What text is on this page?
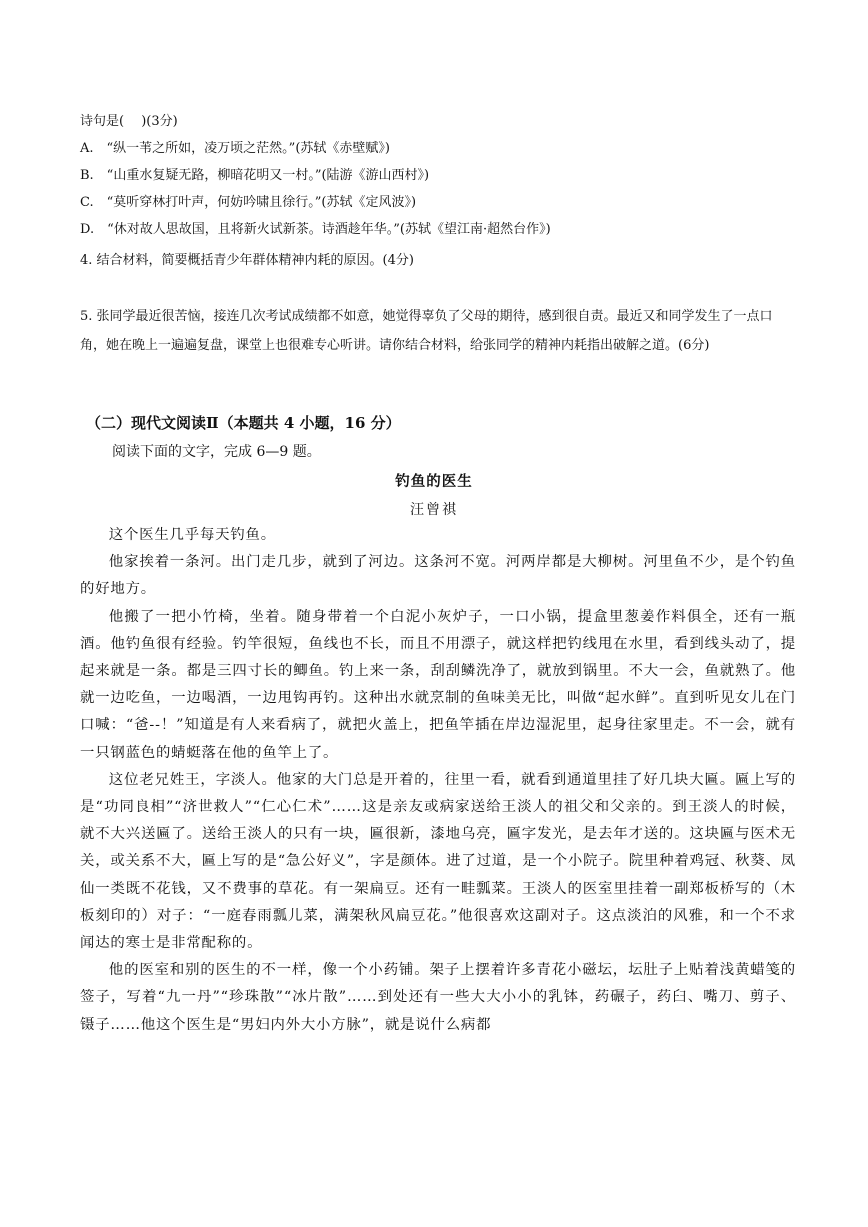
诗句是(　 )(3分)
A.　“纵一苇之所如，凌万顷之茫然。”(苏轼《赤壁赋》)
B.　“山重水复疑无路，柳暗花明又一村。”(陆游《游山西村》)
C.　“莫听穿林打叶声，何妨吟啸且徐行。”(苏轼《定风波》)
D.　“休对故人思故国，且将新火试新茶。诗酒趁年华。”(苏轼《望江南·超然台作》)
4. 结合材料，简要概括青少年群体精神内耗的原因。(4分)
5. 张同学最近很苦恼，接连几次考试成绩都不如意，她觉得辜负了父母的期待，感到很自责。最近又和同学发生了一点口角，她在晚上一遍遍复盘，课堂上也很难专心听讲。请你结合材料，给张同学的精神内耗指出破解之道。(6分)
（二）现代文阅读Ⅱ（本题共 4 小题，16 分）
阅读下面的文字，完成 6—9 题。
钓鱼的医生
汪曾祺

这个医生几乎每天钓鱼。

他家挨着一条河。出门走几步，就到了河边。这条河不宽。河两岸都是大柳树。河里鱼不少，是个钓鱼的好地方。

他搬了一把小竹椅，坐着。随身带着一个白泥小灰炉子，一口小锅，提盒里葱姜作料俱全，还有一瓶酒。他钓鱼很有经验。钓竿很短，鱼线也不长，而且不用漂子，就这样把钓线甩在水里，看到线头动了，提起来就是一条。都是三四寸长的鲫鱼。钓上来一条，刮刮鳞洗净了，就放到锅里。不大一会，鱼就熟了。他就一边吃鱼，一边喝酒，一边甩钩再钓。这种出水就烹制的鱼味美无比，叫做“起水鲜”。直到听见女儿在门口喊：“爸--！”知道是有人来看病了，就把火盖上，把鱼竿插在岸边湿泥里，起身往家里走。不一会，就有一只钢蓝色的蜻蜓落在他的鱼竿上了。

这位老兄姓王，字淡人。他家的大门总是开着的，往里一看，就看到通道里挂了好几块大匾。匾上写的是“功同良相”“济世救人”“仁心仁术”……这是亲友或病家送给王淡人的祖父和父亲的。到王淡人的时候，就不大兴送匾了。送给王淡人的只有一块，匾很新，漆地乌亮，匾字发光，是去年才送的。这块匾与医术无关，或关系不大，匾上写的是“急公好义”，字是颜体。进了过道，是一个小院子。院里种着鸡冠、秋葵、凤仙一类既不花钱，又不费事的草花。有一架扁豆。还有一畦瓢菜。王淡人的医室里挂着一副郑板桥写的（木板刻印的）对子：“一庭春雨瓢儿菜，满架秋风扁豆花。”他很喜欢这副对子。这点淡泊的风雅，和一个不求闻达的寒士是非常配称的。

他的医室和别的医生的不一样，像一个小药铺。架子上摆着许多青花小磁坛，坛肚子上贴着浅黄蜡笺的签子，写着“九一丹”“珍珠散”“冰片散”……到处还有一些大大小小的乳钵，药碾子，药臼、嘴刀、剪子、镊子……他这个医生是“男妇内外大小方脉”，就是说什么病都
